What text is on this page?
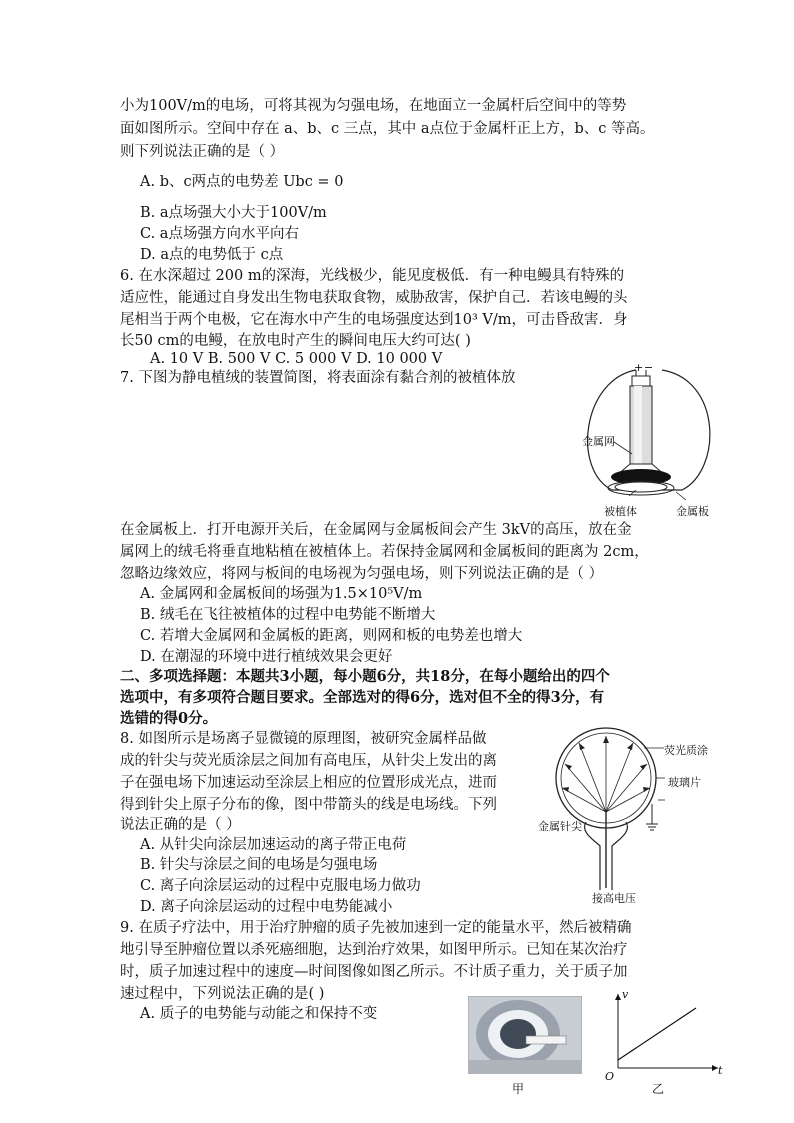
小为100V/m的电场，可将其视为匀强电场，在地面立一金属杆后空间中的等势
面如图所示。空间中存在 a、b、c 三点，其中 a点位于金属杆正上方，b、c 等高。
则下列说法正确的是（ ）
A. b、c两点的电势差 Ubc = 0
B. a点场强大小大于100V/m
C. a点场强方向水平向右
D. a点的电势低于 c点
6. 在水深超过 200 m的深海，光线极少，能见度极低．有一种电鳗具有特殊的
适应性，能通过自身发出生物电获取食物，威胁敌害，保护自己．若该电鳗的头
尾相当于两个电极，它在海水中产生的电场强度达到10³ V/m，可击昏敌害．身
长50 cm的电鳗，在放电时产生的瞬间电压大约可达( )
A. 10 V B. 500 V C. 5 000 V D. 10 000 V
7. 下图为静电植绒的装置简图，将表面涂有黏合剂的被植体放
+ −
金属网
被植体	金属板
在金属板上．打开电源开关后，在金属网与金属板间会产生 3kV的高压，放在金
属网上的绒毛将垂直地粘植在被植体上。若保持金属网和金属板间的距离为 2cm，
忽略边缘效应，将网与板间的电场视为匀强电场，则下列说法正确的是（ ）
A. 金属网和金属板间的场强为1.5×10⁵V/m
B. 绒毛在飞往被植体的过程中电势能不断增大
C. 若增大金属网和金属板的距离，则网和板的电势差也增大
D. 在潮湿的环境中进行植绒效果会更好
二、多项选择题：本题共3小题，每小题6分，共18分，在每小题给出的四个
选项中，有多项符合题目要求。全部选对的得6分，选对但不全的得3分，有
选错的得0分。
8. 如图所示是场离子显微镜的原理图，被研究金属样品做
成的针尖与荧光质涂层之间加有高电压，从针尖上发出的离
子在强电场下加速运动至涂层上相应的位置形成光点，进而
得到针尖上原子分布的像，图中带箭头的线是电场线。下列
说法正确的是（ ）
A. 从针尖向涂层加速运动的离子带正电荷
B. 针尖与涂层之间的电场是匀强电场
C. 离子向涂层运动的过程中克服电场力做功
D. 离子向涂层运动的过程中电势能减小
荧光质涂
玻璃片
金属针尖
接高电压
9. 在质子疗法中，用于治疗肿瘤的质子先被加速到一定的能量水平，然后被精确
地引导至肿瘤位置以杀死癌细胞，达到治疗效果，如图甲所示。已知在某次治疗
时，质子加速过程中的速度—时间图像如图乙所示。不计质子重力，关于质子加
速过程中，下列说法正确的是( )
A. 质子的电势能与动能之和保持不变
甲
v
t
O
乙
